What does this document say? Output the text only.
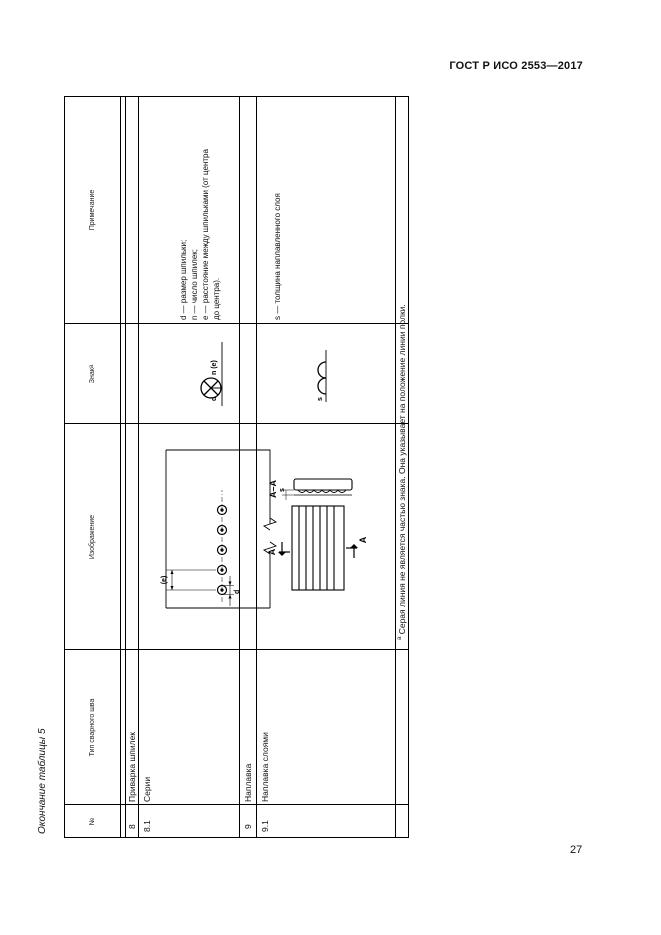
ГОСТ Р ИСО 2553—2017
Окончание таблицы 5	№
Тип сварного шва
Изображение
Знак
а
Примечание
8
Приварка шпилек
8.1
Серии
d — размер шпильки; n — число шпилек; e — расстояние между шпильками (от центра до центра).
9
Наплавка
9.1
Наплавка слоями
s — толщина наплавленного слоя
$^а$ Серая линия не является частью знака. Она указывает на положение линии полки.
(e)
d
d
n (e)
A
A
A–A s
s
27
